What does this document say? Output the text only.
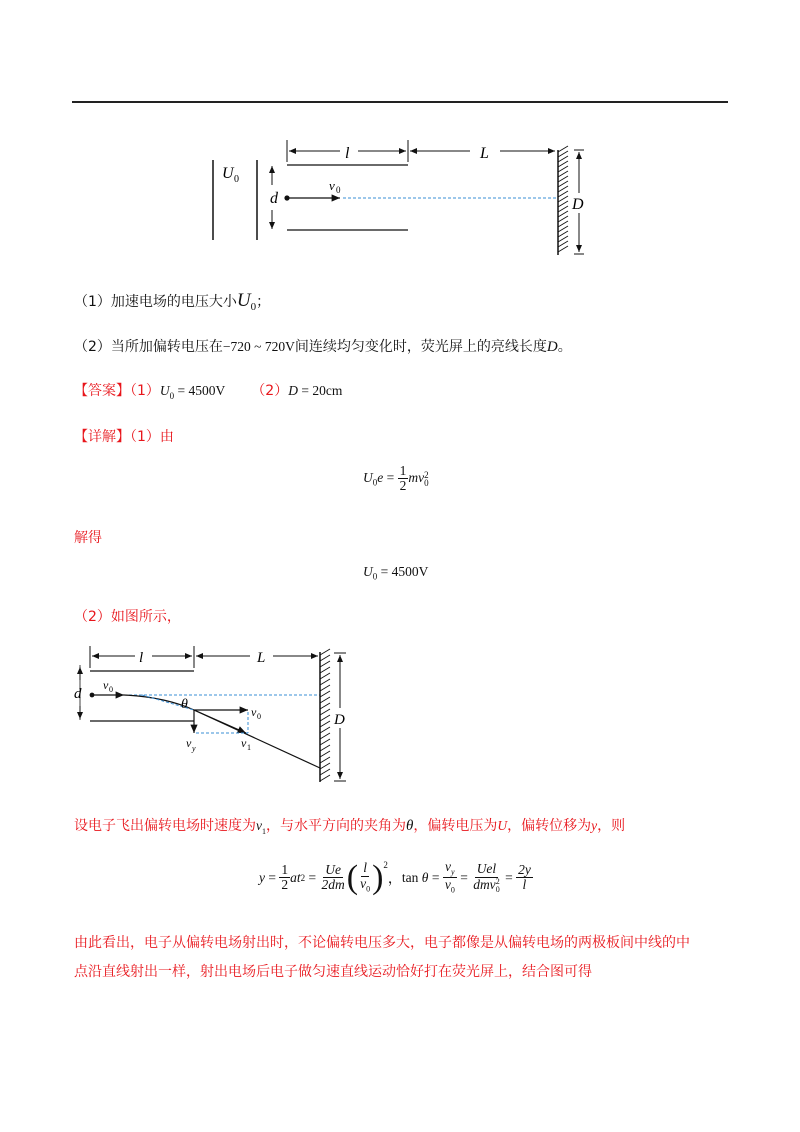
U 0
d
v 0
l	L
D
（1）加速电场的电压大小$U_0$；
（2）当所加偏转电压在−720 ~ 720V间连续均匀变化时，荧光屏上的亮线长度D。
【答案】$(1)U_0 = 4500V$ （2）D = 20cm
【详解】（1）由
$U_0e = \frac{1}{2}$ mv 2
0
解得
$U_0 = 4500V$
（2）如图所示，
l	L
d
v 0
θ	v 0
v y	v 1
D
设电子飞出偏转电场时速度为$v_1$，与水平方向的夹角为θ，偏转电压为U，偏转位移为y，则
$y = \frac{1}{2}$ at $2 = \frac{Ue}{2dm}$ ( $\frac{l}{v_0} )^2$
， tan
$\theta = \frac{v_y}{v_0}$ = Uel
dmv 2
$0 = \frac{2y}{l}$
由此看出，电子从偏转电场射出时，不论偏转电压多大，电子都像是从偏转电场的两极板间中线的中
点沿直线射出一样，射出电场后电子做匀速直线运动恰好打在荧光屏上，结合图可得
